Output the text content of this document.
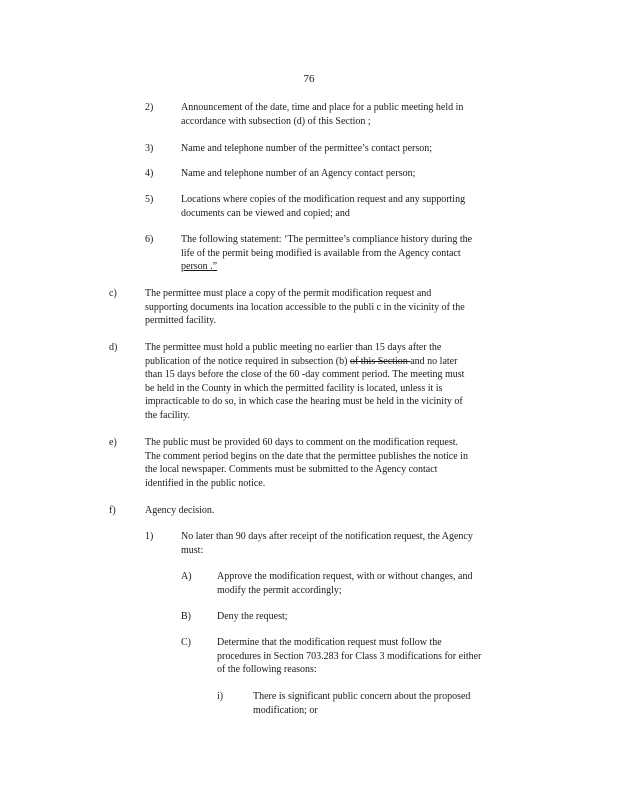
76
2)	Announcement of the date, time and place for a public meeting held in
accordance with subsection (d) of this Section ;
3)	Name and telephone number of the permittee’s contact person;
4)	Name and telephone number of an Agency contact person;
5)	Locations where copies of the modification request and any supporting
documents can be viewed and copied; and
6)	The following statement: ‘The permittee’s compliance history during the
life of the permit being modified is available from the Agency contact
person .”
c)	The permittee must place a copy of the permit modification request and
supporting documents ina location accessible to the publi c in the vicinity of the
permitted facility.
d)	The permittee must hold a public meeting no earlier than 15 days after the
publication of the notice required in subsection (b) of this Section and no later
than 15 days before the close of the 60 -day comment period. The meeting must
be held in the County in which the permitted facility is located, unless it is
impracticable to do so, in which case the hearing must be held in the vicinity of
the facility.
e)	The public must be provided 60 days to comment on the modification request.
The comment period begins on the date that the permittee publishes the notice in
the local newspaper. Comments must be submitted to the Agency contact
identified in the public notice.
f)	Agency decision.
1)	No later than 90 days after receipt of the notification request, the Agency
must:
A)	Approve the modification request, with or without changes, and
modify the permit accordingly;
B)	Deny the request;
C)	Determine that the modification request must follow the
procedures in Section 703.283 for Class 3 modifications for either
of the following reasons:
i)	There is significant public concern about the proposed
modification; or
